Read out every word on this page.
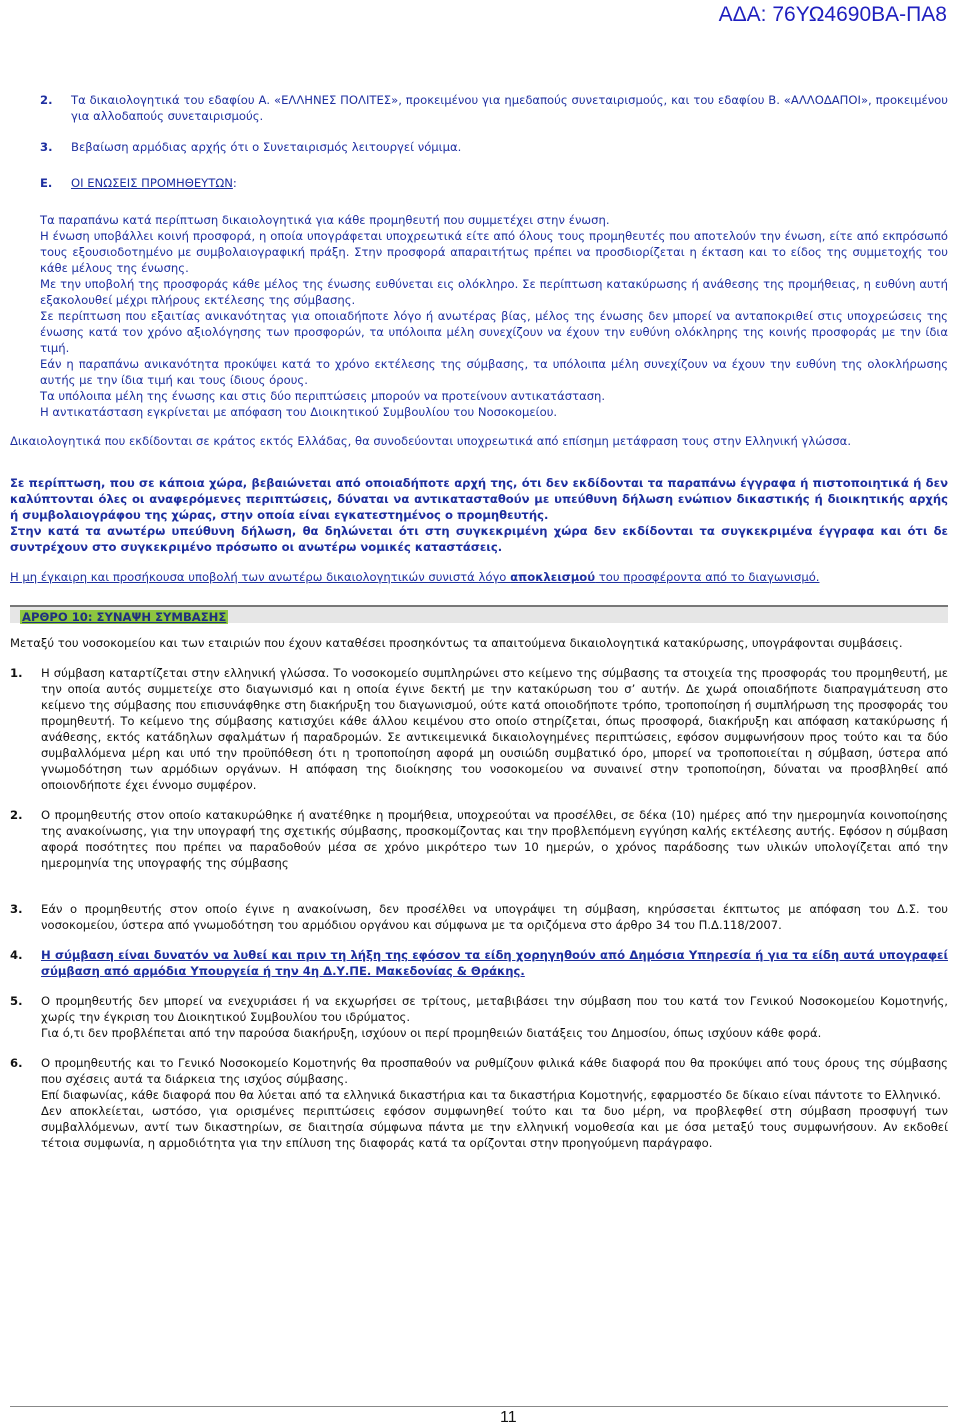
ΑΔΑ: 76ΥΩ4690ΒΑ-ΠΑ8
2.	Τα δικαιολογητικά του εδαφίου Α. «ΕΛΛΗΝΕΣ ΠΟΛΙΤΕΣ», προκειμένου για ημεδαπούς συνεταιρισμούς, και του εδαφίου Β. «ΑΛΛΟΔΑΠΟΙ», προκειμένου για αλλοδαπούς συνεταιρισμούς.
3.	Βεβαίωση αρμόδιας αρχής ότι ο Συνεταιρισμός λειτουργεί νόμιμα.
Ε.	ΟΙ ΕΝΩΣΕΙΣ ΠΡΟΜΗΘΕΥΤΩΝ:

Τα παραπάνω κατά περίπτωση δικαιολογητικά για κάθε προμηθευτή που συμμετέχει στην ένωση.

Η ένωση υποβάλλει κοινή προσφορά, η οποία υπογράφεται υποχρεωτικά είτε από όλους τους προμηθευτές που αποτελούν την ένωση, είτε από εκπρόσωπό τους εξουσιοδοτημένο με συμβολαιογραφική πράξη. Στην προσφορά απαραιτήτως πρέπει να προσδιορίζεται η έκταση και το είδος της συμμετοχής του κάθε μέλους της ένωσης.

Με την υποβολή της προσφοράς κάθε μέλος της ένωσης ευθύνεται εις ολόκληρο. Σε περίπτωση κατακύρωσης ή ανάθεσης της προμήθειας, η ευθύνη αυτή εξακολουθεί μέχρι πλήρους εκτέλεσης της σύμβασης.

Σε περίπτωση που εξαιτίας ανικανότητας για οποιαδήποτε λόγο ή ανωτέρας βίας, μέλος της ένωσης δεν μπορεί να ανταποκριθεί στις υποχρεώσεις της ένωσης κατά τον χρόνο αξιολόγησης των προσφορών, τα υπόλοιπα μέλη συνεχίζουν να έχουν την ευθύνη ολόκληρης της κοινής προσφοράς με την ίδια τιμή.

Εάν η παραπάνω ανικανότητα προκύψει κατά το χρόνο εκτέλεσης της σύμβασης, τα υπόλοιπα μέλη συνεχίζουν να έχουν την ευθύνη της ολοκλήρωσης αυτής με την ίδια τιμή και τους ίδιους όρους.

Τα υπόλοιπα μέλη της ένωσης και στις δύο περιπτώσεις μπορούν να προτείνουν αντικατάσταση.

Η αντικατάσταση εγκρίνεται με απόφαση του Διοικητικού Συμβουλίου του Νοσοκομείου.

Δικαιολογητικά που εκδίδονται σε κράτος εκτός Ελλάδας, θα συνοδεύονται υποχρεωτικά από επίσημη μετάφραση τους στην Ελληνική γλώσσα.

Σε περίπτωση, που σε κάποια χώρα, βεβαιώνεται από οποιαδήποτε αρχή της, ότι δεν εκδίδονται τα παραπάνω έγγραφα ή πιστοποιητικά ή δεν καλύπτονται όλες οι αναφερόμενες περιπτώσεις, δύναται να αντικατασταθούν με υπεύθυνη δήλωση ενώπιον δικαστικής ή διοικητικής αρχής ή συμβολαιογράφου της χώρας, στην οποία είναι εγκατεστημένος ο προμηθευτής.

Στην κατά τα ανωτέρω υπεύθυνη δήλωση, θα δηλώνεται ότι στη συγκεκριμένη χώρα δεν εκδίδονται τα συγκεκριμένα έγγραφα και ότι δε συντρέχουν στο συγκεκριμένο πρόσωπο οι ανωτέρω νομικές καταστάσεις.

Η μη έγκαιρη και προσήκουσα υποβολή των ανωτέρω δικαιολογητικών συνιστά λόγο αποκλεισμού του προσφέροντα από το διαγωνισμό.

ΑΡΘΡΟ 10: ΣΥΝΑΨΗ ΣΥΜΒΑΣΗΣ

Μεταξύ του νοσοκομείου και των εταιριών που έχουν καταθέσει προσηκόντως τα απαιτούμενα δικαιολογητικά κατακύρωσης, υπογράφονται συμβάσεις.

1.	Η σύμβαση καταρτίζεται στην ελληνική γλώσσα. Το νοσοκομείο συμπληρώνει στο κείμενο της σύμβασης τα στοιχεία της προσφοράς του προμηθευτή, με την οποία αυτός συμμετείχε στο διαγωνισμό και η οποία έγινε δεκτή με την κατακύρωση του σ’ αυτήν. Δε χωρά οποιαδήποτε διαπραγμάτευση στο κείμενο της σύμβασης που επισυνάφθηκε στη διακήρυξη του διαγωνισμού, ούτε κατά οποιοδήποτε τρόπο, τροποποίηση ή συμπλήρωση της προσφοράς του προμηθευτή. Το κείμενο της σύμβασης κατισχύει κάθε άλλου κειμένου στο οποίο στηρίζεται, όπως προσφορά, διακήρυξη και απόφαση κατακύρωσης ή ανάθεσης, εκτός κατάδηλων σφαλμάτων ή παραδρομών. Σε αντικειμενικά δικαιολογημένες περιπτώσεις, εφόσον συμφωνήσουν προς τούτο και τα δύο συμβαλλόμενα μέρη και υπό την προϋπόθεση ότι η τροποποίηση αφορά μη ουσιώδη συμβατικό όρο, μπορεί να τροποποιείται η σύμβαση, ύστερα από γνωμοδότηση των αρμόδιων οργάνων. Η απόφαση της διοίκησης του νοσοκομείου να συναινεί στην τροποποίηση, δύναται να προσβληθεί από οποιονδήποτε έχει έννομο συμφέρον.
2.	Ο προμηθευτής στον οποίο κατακυρώθηκε ή ανατέθηκε η προμήθεια, υποχρεούται να προσέλθει, σε δέκα (10) ημέρες από την ημερομηνία κοινοποίησης της ανακοίνωσης, για την υπογραφή της σχετικής σύμβασης, προσκομίζοντας και την προβλεπόμενη εγγύηση καλής εκτέλεσης αυτής. Εφόσον η σύμβαση αφορά ποσότητες που πρέπει να παραδοθούν μέσα σε χρόνο μικρότερο των 10 ημερών, ο χρόνος παράδοσης των υλικών υπολογίζεται από την ημερομηνία της υπογραφής της σύμβασης
3.	Εάν ο προμηθευτής στον οποίο έγινε η ανακοίνωση, δεν προσέλθει να υπογράψει τη σύμβαση, κηρύσσεται έκπτωτος με απόφαση του Δ.Σ. του νοσοκομείου, ύστερα από γνωμοδότηση του αρμόδιου οργάνου και σύμφωνα με τα οριζόμενα στο άρθρο 34 του Π.Δ.118/2007.
4.	Η σύμβαση είναι δυνατόν να λυθεί και πριν τη λήξη της εφόσον τα είδη χορηγηθούν από Δημόσια Υπηρεσία ή για τα είδη αυτά υπογραφεί σύμβαση από αρμόδια Υπουργεία ή την 4η Δ.Υ.ΠΕ. Μακεδονίας & Θράκης.
5.	Ο προμηθευτής δεν μπορεί να ενεχυριάσει ή να εκχωρήσει σε τρίτους, μεταβιβάσει την σύμβαση που του κατά τον Γενικού Νοσοκομείου Κομοτηνής, χωρίς την έγκριση του Διοικητικού Συμβουλίου του ιδρύματος.
Για ό,τι δεν προβλέπεται από την παρούσα διακήρυξη, ισχύουν οι περί προμηθειών διατάξεις του Δημοσίου, όπως ισχύουν κάθε φορά.
6.	Ο προμηθευτής και το Γενικό Νοσοκομείο Κομοτηνής θα προσπαθούν να ρυθμίζουν φιλικά κάθε διαφορά που θα προκύψει από τους όρους της σύμβασης που σχέσεις αυτά τα διάρκεια της ισχύος σύμβασης.
Επί διαφωνίας, κάθε διαφορά που θα λύεται από τα ελληνικά δικαστήρια και τα δικαστήρια Κομοτηνής, εφαρμοστέο δε δίκαιο είναι πάντοτε το Ελληνικό.
Δεν αποκλείεται, ωστόσο, για ορισμένες περιπτώσεις εφόσον συμφωνηθεί τούτο και τα δυο μέρη, να προβλεφθεί στη σύμβαση προσφυγή των συμβαλλόμενων, αντί των δικαστηρίων, σε διαιτησία σύμφωνα πάντα με την ελληνική νομοθεσία και με όσα μεταξύ τους συμφωνήσουν. Αν εκδοθεί τέτοια συμφωνία, η αρμοδιότητα για την επίλυση της διαφοράς κατά τα ορίζονται στην προηγούμενη παράγραφο.
11
